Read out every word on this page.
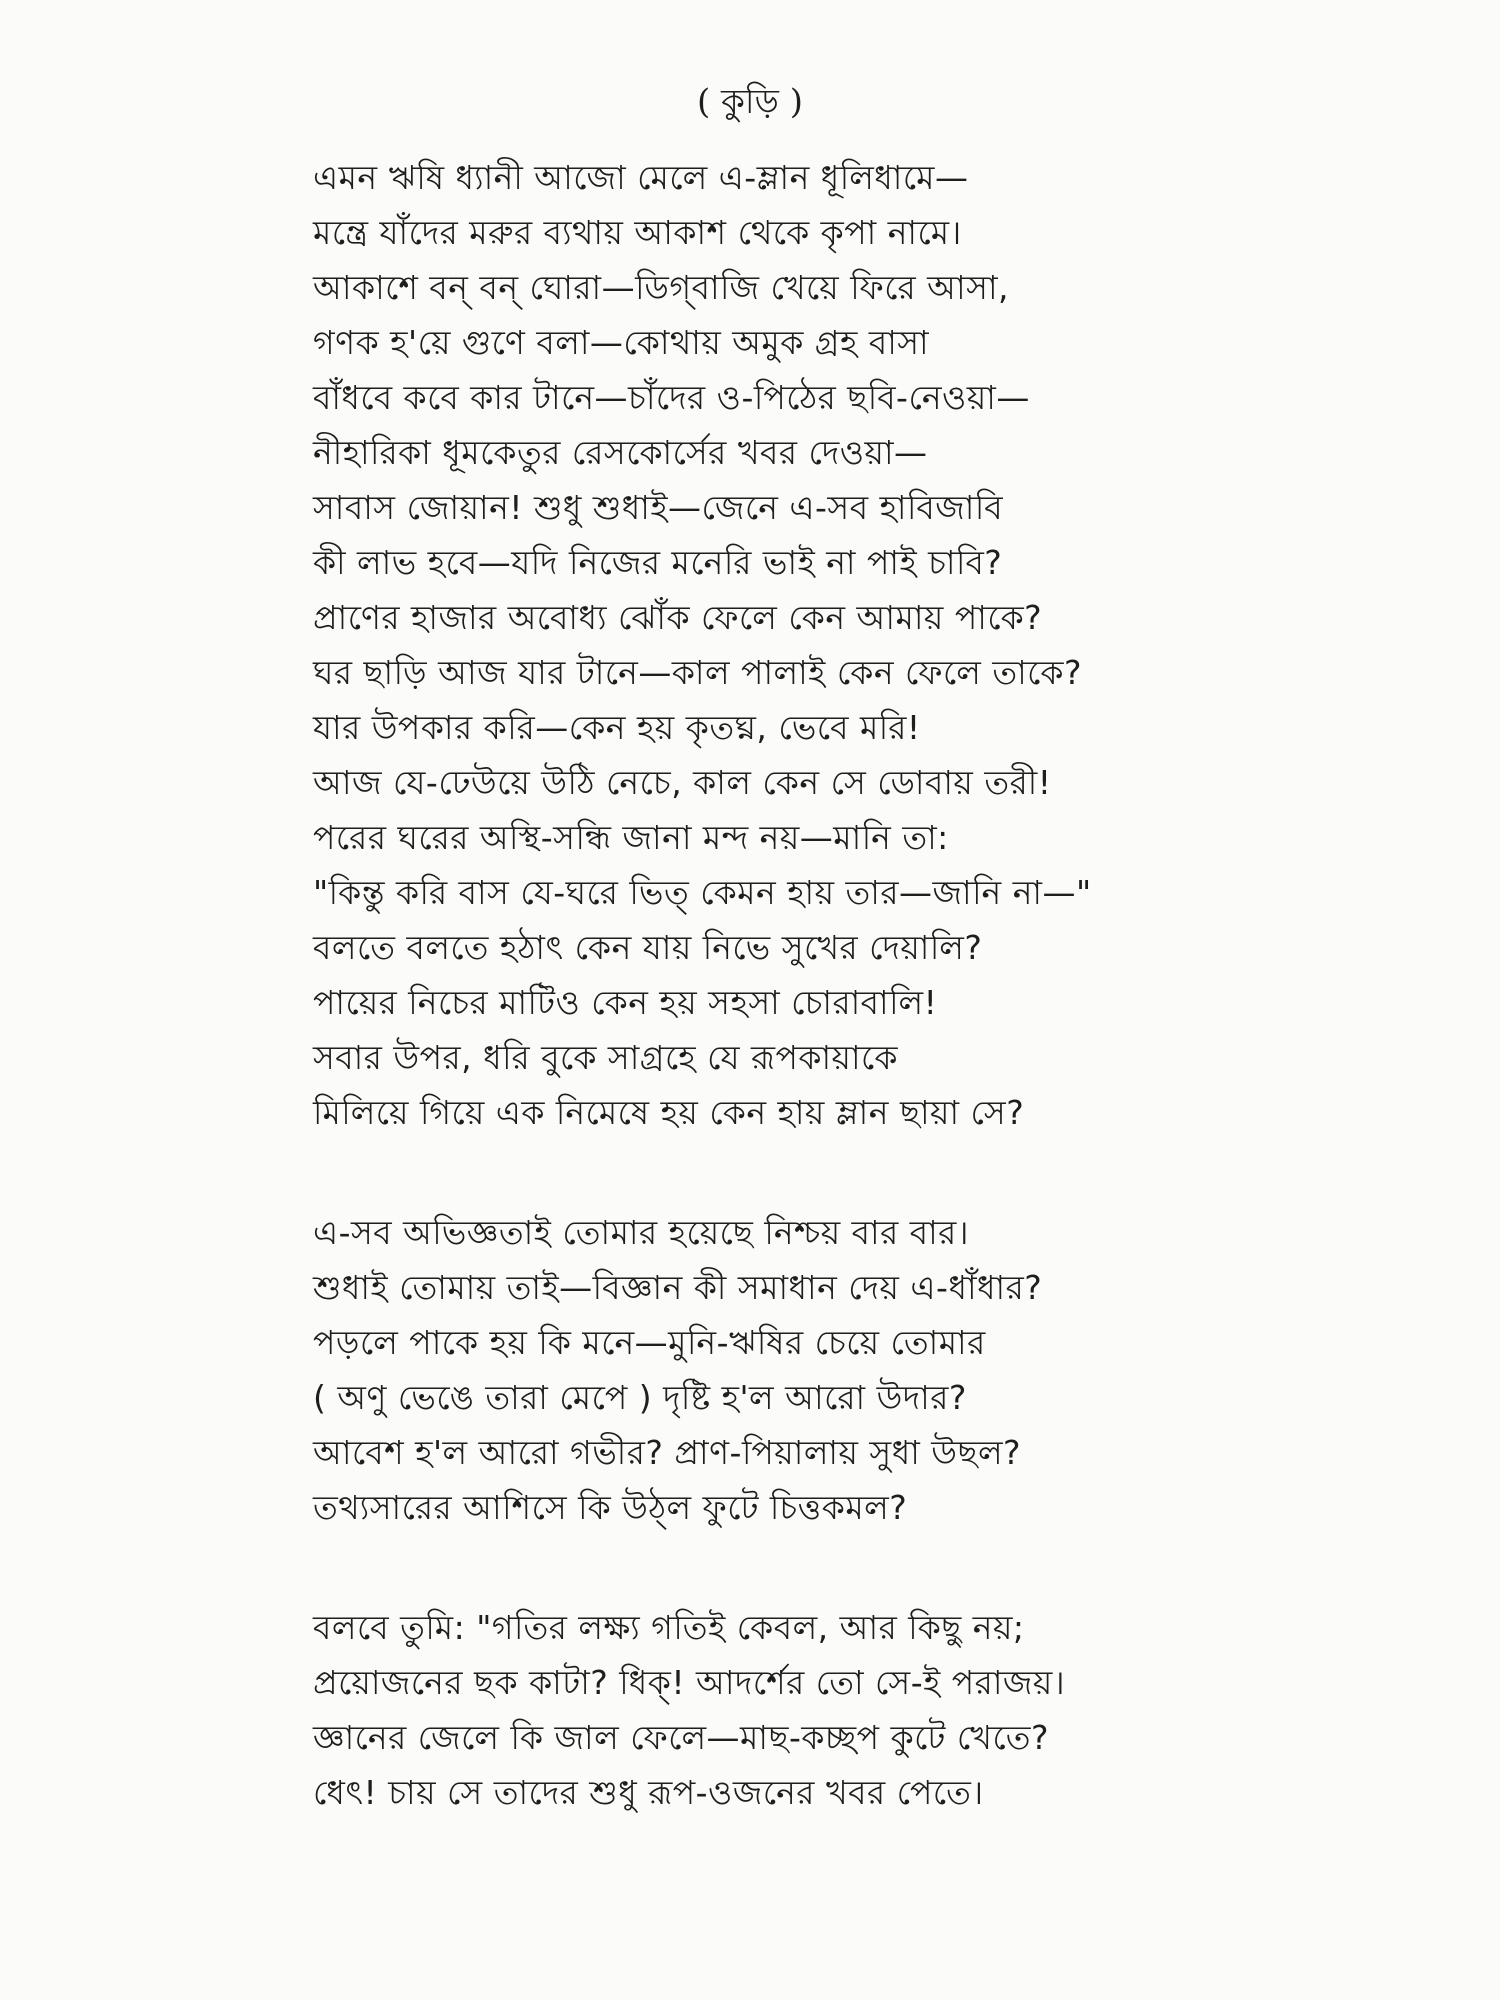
( কুড়ি )
এমন ঋষি ধ্যানী আজো মেলে এ-ম্লান ধূলিধামে—
মন্ত্রে যাঁদের মরুর ব্যথায় আকাশ থেকে কৃপা নামে।
আকাশে বন্ বন্ ঘোরা—ডিগ্‌বাজি খেয়ে ফিরে আসা,
গণক হ'য়ে গুণে বলা—কোথায় অমুক গ্রহ বাসা
বাঁধবে কবে কার টানে—চাঁদের ও-পিঠের ছবি-নেওয়া—
নীহারিকা ধূমকেতুর রেসকোর্সের খবর দেওয়া—
সাবাস জোয়ান! শুধু শুধাই—জেনে এ-সব হাবিজাবি
কী লাভ হবে—যদি নিজের মনেরি ভাই না পাই চাবি?
প্রাণের হাজার অবোধ্য ঝোঁক ফেলে কেন আমায় পাকে?
ঘর ছাড়ি আজ যার টানে—কাল পালাই কেন ফেলে তাকে?
যার উপকার করি—কেন হয় কৃতঘ্ন, ভেবে মরি!
আজ যে-ঢেউয়ে উঠি নেচে, কাল কেন সে ডোবায় তরী!
পরের ঘরের অস্থি-সন্ধি জানা মন্দ নয়—মানি তা:
"কিন্তু করি বাস যে-ঘরে ভিত্‌ কেমন হায় তার—জানি না—"
বলতে বলতে হঠাৎ কেন যায় নিভে সুখের দেয়ালি?
পায়ের নিচের মাটিও কেন হয় সহসা চোরাবালি!
সবার উপর, ধরি বুকে সাগ্রহে যে রূপকায়াকে
মিলিয়ে গিয়ে এক নিমেষে হয় কেন হায় ম্লান ছায়া সে?
এ-সব অভিজ্ঞতাই তোমার হয়েছে নিশ্চয় বার বার।
শুধাই তোমায় তাই—বিজ্ঞান কী সমাধান দেয় এ-ধাঁধার?
পড়লে পাকে হয় কি মনে—মুনি-ঋষির চেয়ে তোমার
( অণু ভেঙে তারা মেপে ) দৃষ্টি হ'ল আরো উদার?
আবেশ হ'ল আরো গভীর? প্রাণ-পিয়ালায় সুধা উছল?
তথ্যসারের আশিসে কি উঠ্‌ল ফুটে চিত্তকমল?
বলবে তুমি: "গতির লক্ষ্য গতিই কেবল, আর কিছু নয়;
প্রয়োজনের ছক কাটা? ধিক্! আদর্শের তো সে-ই পরাজয়।
জ্ঞানের জেলে কি জাল ফেলে—মাছ-কচ্ছপ কুটে খেতে?
ধেৎ! চায় সে তাদের শুধু রূপ-ওজনের খবর পেতে।
